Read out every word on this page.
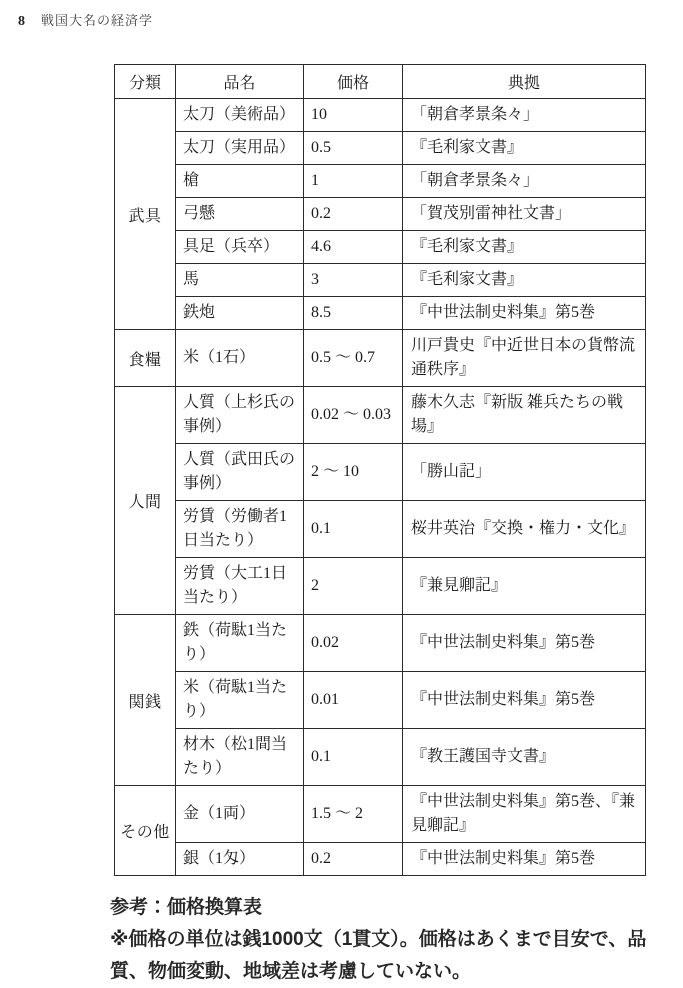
8 戦国大名の経済学
分類	品名	価格	典拠
武具	太刀（美術品）	10	「朝倉孝景条々」
	太刀（実用品）	0.5	『毛利家文書』
	槍	1	「朝倉孝景条々」
	弓懸	0.2	「賀茂別雷神社文書」
	具足（兵卒）	4.6	『毛利家文書』
	馬	3	『毛利家文書』
	鉄炮	8.5	『中世法制史料集』第5巻
食糧	米（1石）	0.5 〜 0.7	川戸貴史『中近世日本の貨幣流通秩序』
人間	人質（上杉氏の事例）	0.02 〜 0.03	藤木久志『新版 雑兵たちの戦場』
	人質（武田氏の事例）	2 〜 10	「勝山記」
	労賃（労働者1日当たり）	0.1	桜井英治『交換・権力・文化』
	労賃（大工1日当たり）	2	『兼見卿記』
関銭	鉄（荷駄1当たり）	0.02	『中世法制史料集』第5巻
	米（荷駄1当たり）	0.01	『中世法制史料集』第5巻
	材木（松1間当たり）	0.1	『教王護国寺文書』
その他	金（1両）	1.5 〜 2	『中世法制史料集』第5巻、『兼見卿記』
	銀（1匁）	0.2	『中世法制史料集』第5巻

参考：価格換算表

※価格の単位は銭1000文（1貫文）。価格はあくまで目安で、品質、物価変動、地域差は考慮していない。
